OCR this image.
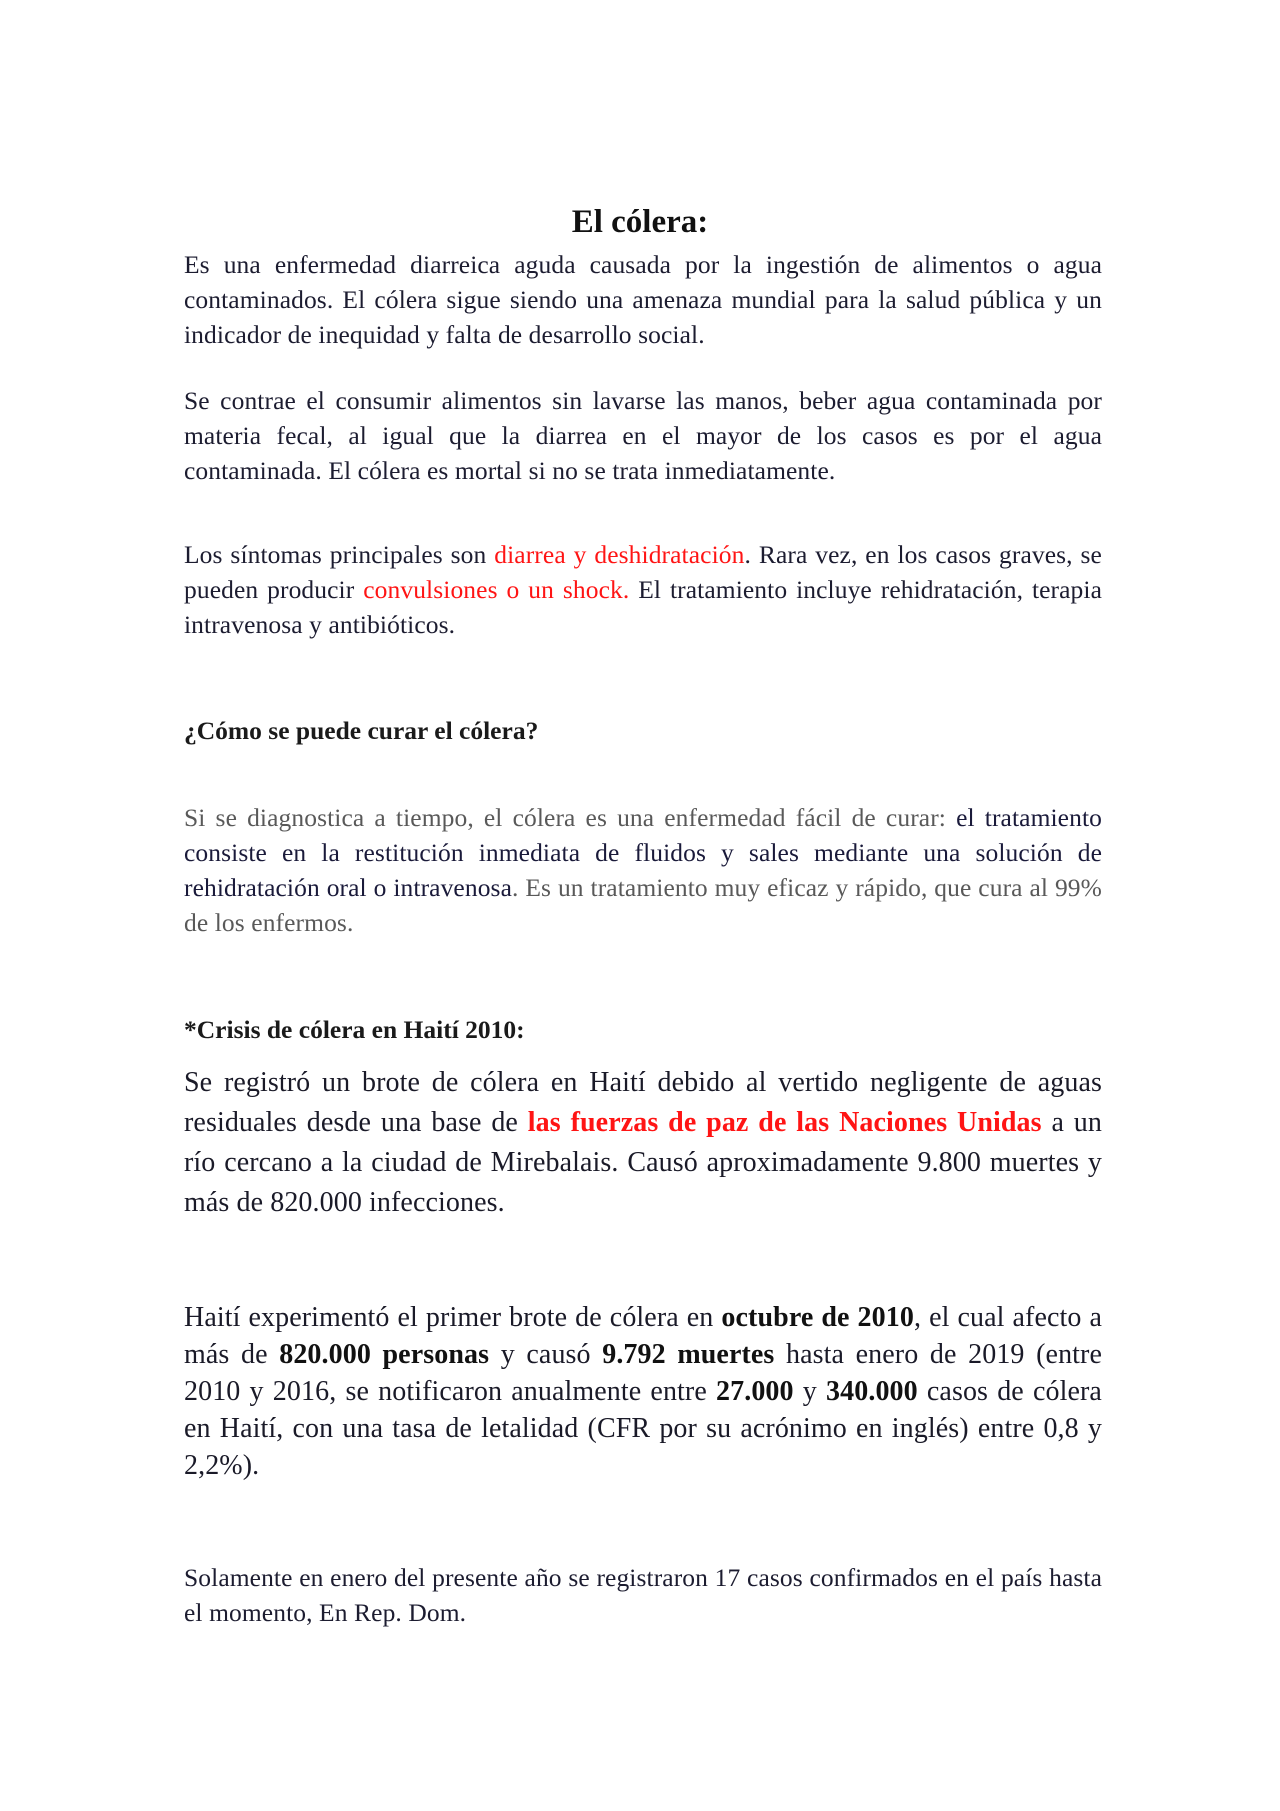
El cólera:

Es una enfermedad diarreica aguda causada por la ingestión de alimentos o agua contaminados. El cólera sigue siendo una amenaza mundial para la salud pública y un indicador de inequidad y falta de desarrollo social.

Se contrae el consumir alimentos sin lavarse las manos, beber agua contaminada por materia fecal, al igual que la diarrea en el mayor de los casos es por el agua contaminada. El cólera es mortal si no se trata inmediatamente.

Los síntomas principales son diarrea y deshidratación. Rara vez, en los casos graves, se pueden producir convulsiones o un shock. El tratamiento incluye rehidratación, terapia intravenosa y antibióticos.

¿Cómo se puede curar el cólera?

Si se diagnostica a tiempo, el cólera es una enfermedad fácil de curar: el tratamiento consiste en la restitución inmediata de fluidos y sales mediante una solución de rehidratación oral o intravenosa. Es un tratamiento muy eficaz y rápido, que cura al 99% de los enfermos.

*Crisis de cólera en Haití 2010:

Se registró un brote de cólera en Haití debido al vertido negligente de aguas residuales desde una base de las fuerzas de paz de las Naciones Unidas a un río cercano a la ciudad de Mirebalais. Causó aproximadamente 9.800 muertes y más de 820.000 infecciones.

Haití experimentó el primer brote de cólera en octubre de 2010, el cual afecto a más de 820.000 personas y causó 9.792 muertes hasta enero de 2019 (entre 2010 y 2016, se notificaron anualmente entre 27.000 y 340.000 casos de cólera en Haití, con una tasa de letalidad (CFR por su acrónimo en inglés) entre 0,8 y 2,2%).

Solamente en enero del presente año se registraron 17 casos confirmados en el país hasta el momento, En Rep. Dom.
